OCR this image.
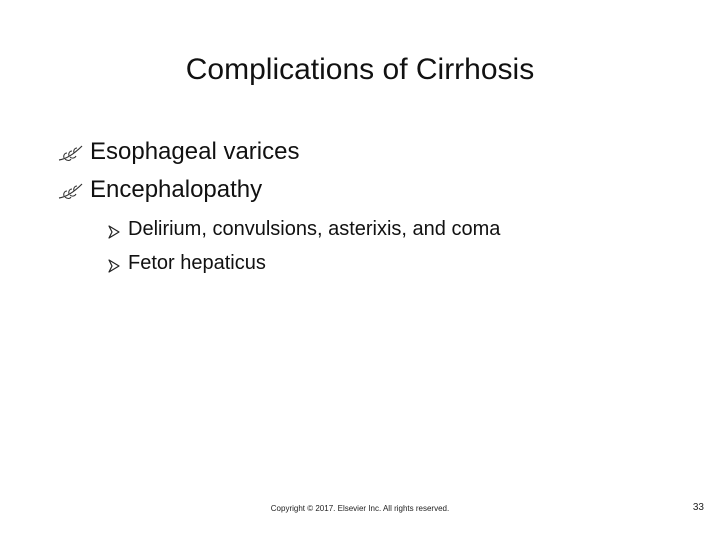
Complications of Cirrhosis
Esophageal varices
Encephalopathy
Delirium, convulsions, asterixis, and coma
Fetor hepaticus
Copyright © 2017. Elsevier Inc. All rights reserved.	33
